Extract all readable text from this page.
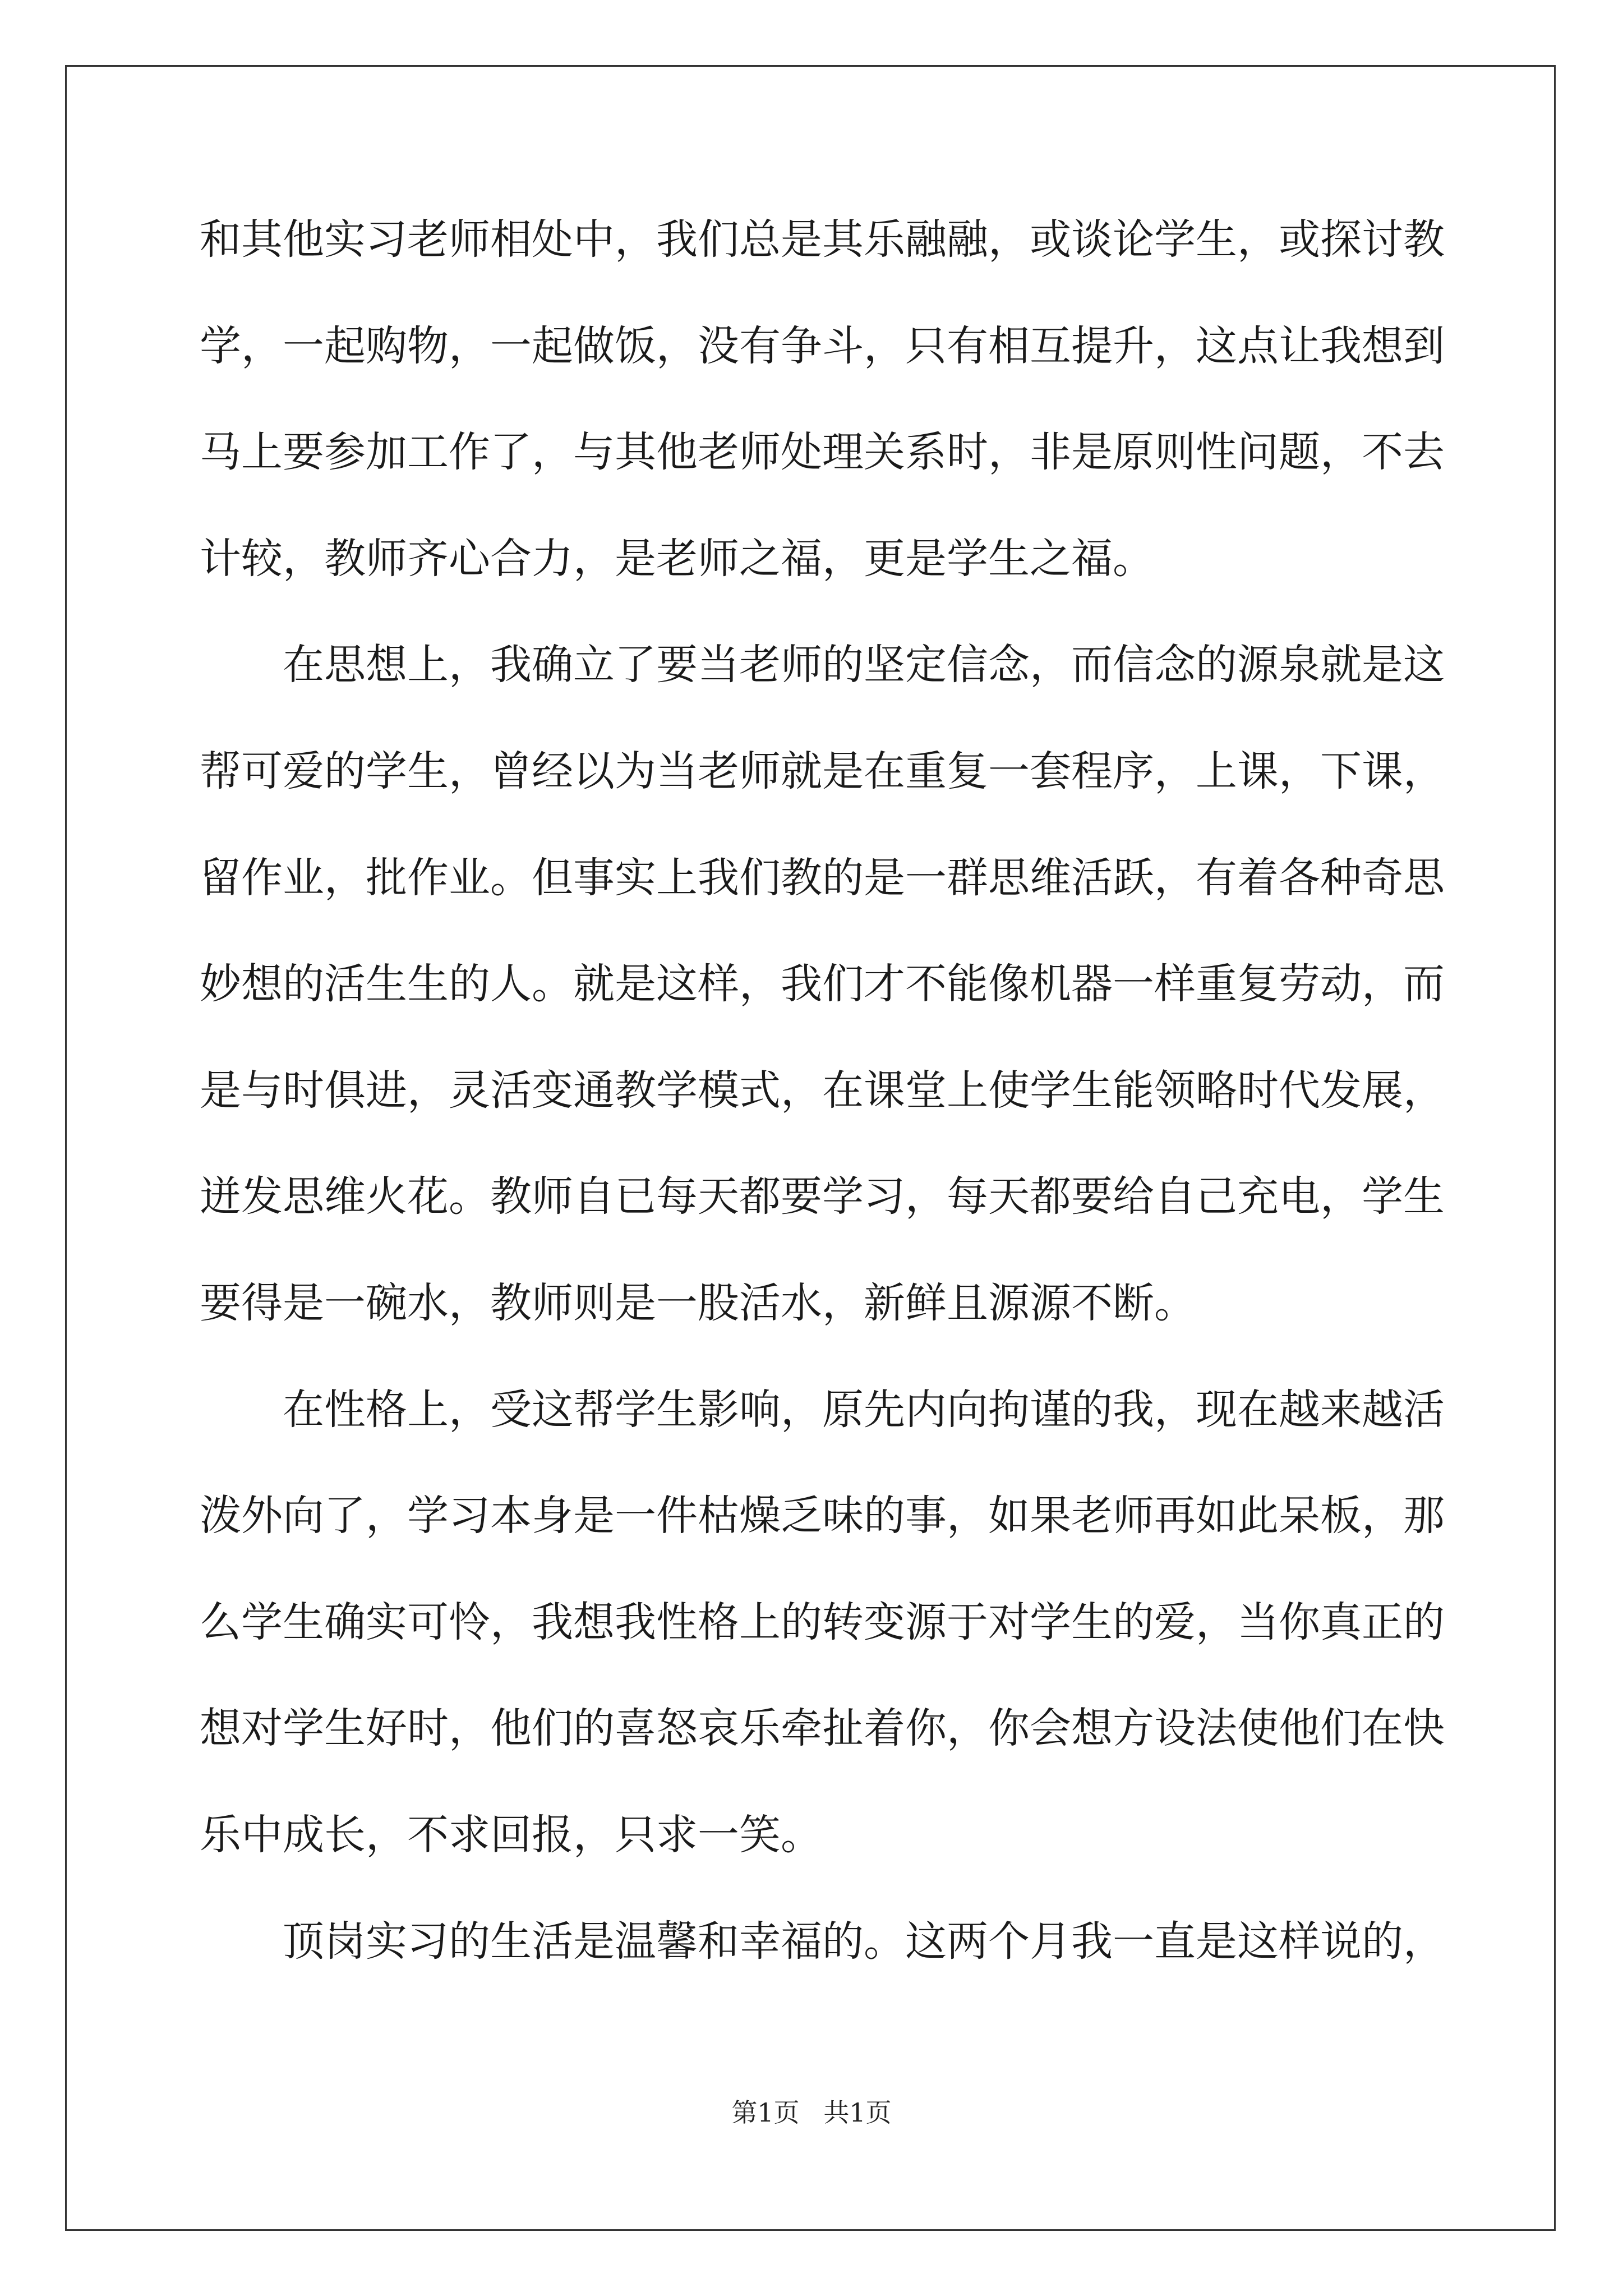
和其他实习老师相处中，我们总是其乐融融，或谈论学生，或探讨教
学，一起购物，一起做饭，没有争斗，只有相互提升，这点让我想到
马上要参加工作了，与其他老师处理关系时，非是原则性问题，不去
计较，教师齐心合力，是老师之福，更是学生之福。
在思想上，我确立了要当老师的坚定信念，而信念的源泉就是这
帮可爱的学生，曾经以为当老师就是在重复一套程序，上课，下课，
留作业，批作业。但事实上我们教的是一群思维活跃，有着各种奇思
妙想的活生生的人。就是这样，我们才不能像机器一样重复劳动，而
是与时俱进，灵活变通教学模式，在课堂上使学生能领略时代发展，
迸发思维火花。教师自已每天都要学习，每天都要给自己充电，学生
要得是一碗水，教师则是一股活水，新鲜且源源不断。
在性格上，受这帮学生影响，原先内向拘谨的我，现在越来越活
泼外向了，学习本身是一件枯燥乏味的事，如果老师再如此呆板，那
么学生确实可怜，我想我性格上的转变源于对学生的爱，当你真正的
想对学生好时，他们的喜怒哀乐牵扯着你，你会想方设法使他们在快
乐中成长，不求回报，只求一笑。
顶岗实习的生活是温馨和幸福的。这两个月我一直是这样说的，
第1页 共1页
